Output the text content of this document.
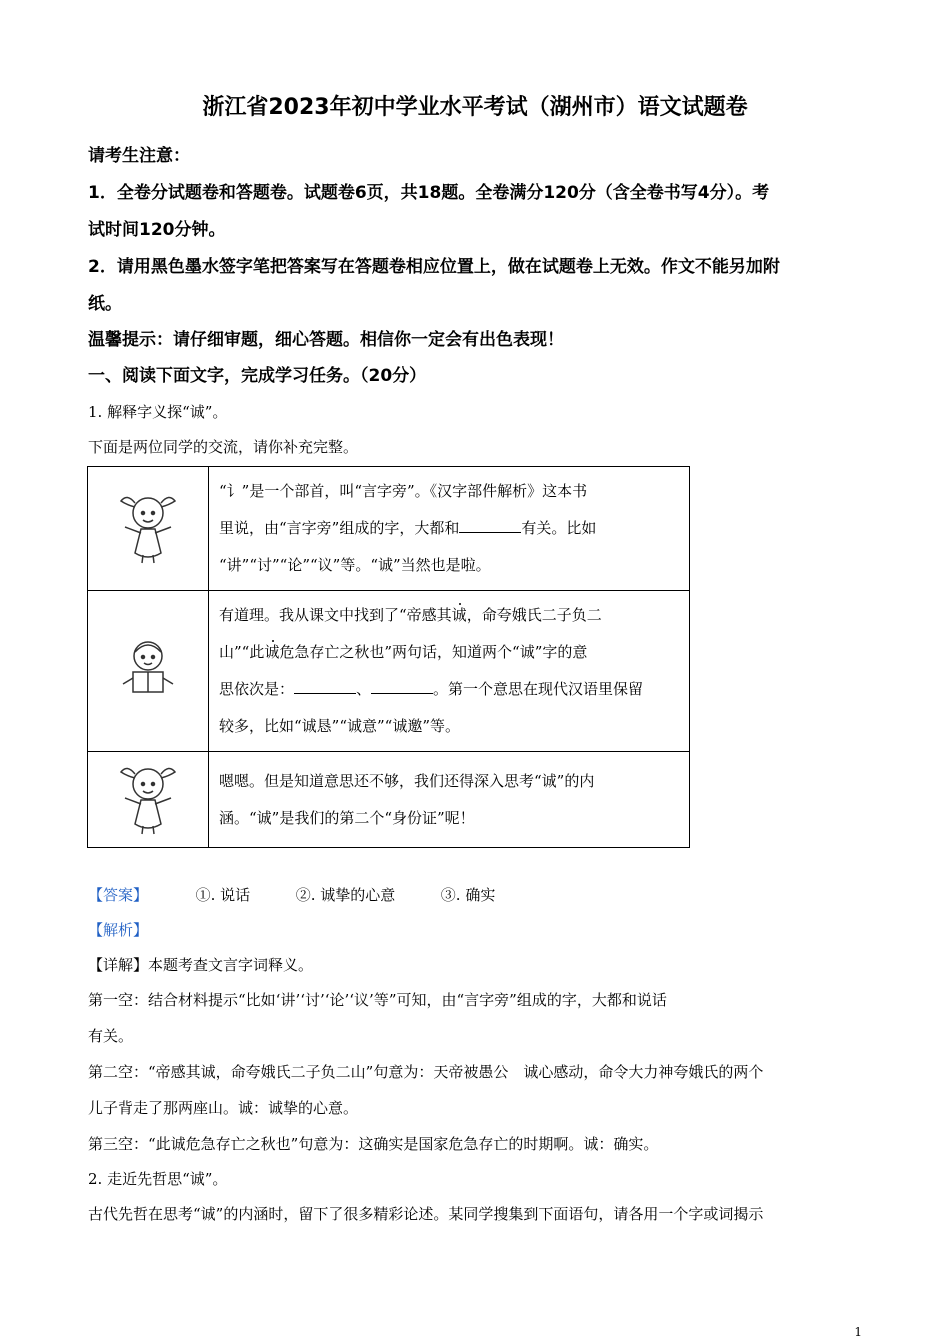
浙江省2023年初中学业水平考试（湖州市）语文试题卷
请考生注意：
1．全卷分试题卷和答题卷。试题卷6页，共18题。全卷满分120分（含全卷书写4分）。考
试时间120分钟。
2．请用黑色墨水签字笔把答案写在答题卷相应位置上，做在试题卷上无效。作文不能另加附
纸。
温馨提示：请仔细审题，细心答题。相信你一定会有出色表现！
一、阅读下面文字，完成学习任务。（20分）
1. 解释字义探“诚”。
下面是两位同学的交流，请你补充完整。

“讠”是一个部首，叫“言字旁”。《汉字部件解析》这本书
里说，由“言字旁”组成的字，大都和 有关。比如
“讲”“讨”“论”“议”等。“诚”当然也是啦。

有道理。我从课文中找到了“帝感其诚，命夸娥氏二子负二
山”“此诚危急存亡之秋也”两句话，知道两个“诚”字的意
思依次是： 、 。第一个意思在现代汉语里保留
较多，比如“诚恳”“诚意”“诚邀”等。

嗯嗯。但是知道意思还不够，我们还得深入思考“诚”的内
涵。“诚”是我们的第二个“身份证”呢！
【答案】	①. 说话	②. 诚挚的心意	③. 确实
【解析】
【详解】本题考查文言字词释义。
第一空：结合材料提示“比如‘讲’‘讨’‘论’‘议’等”可知，由“言字旁”组成的字，大都和说话
有关。
第二空：“帝感其诚，命夸娥氏二子负二山”句意为：天帝被愚公　诚心感动，命令大力神夸娥氏的两个
儿子背走了那两座山。诚：诚挚的心意。
第三空：“此诚危急存亡之秋也”句意为：这确实是国家危急存亡的时期啊。诚：确实。
2. 走近先哲思“诚”。
古代先哲在思考“诚”的内涵时，留下了很多精彩论述。某同学搜集到下面语句，请各用一个字或词揭示
1
